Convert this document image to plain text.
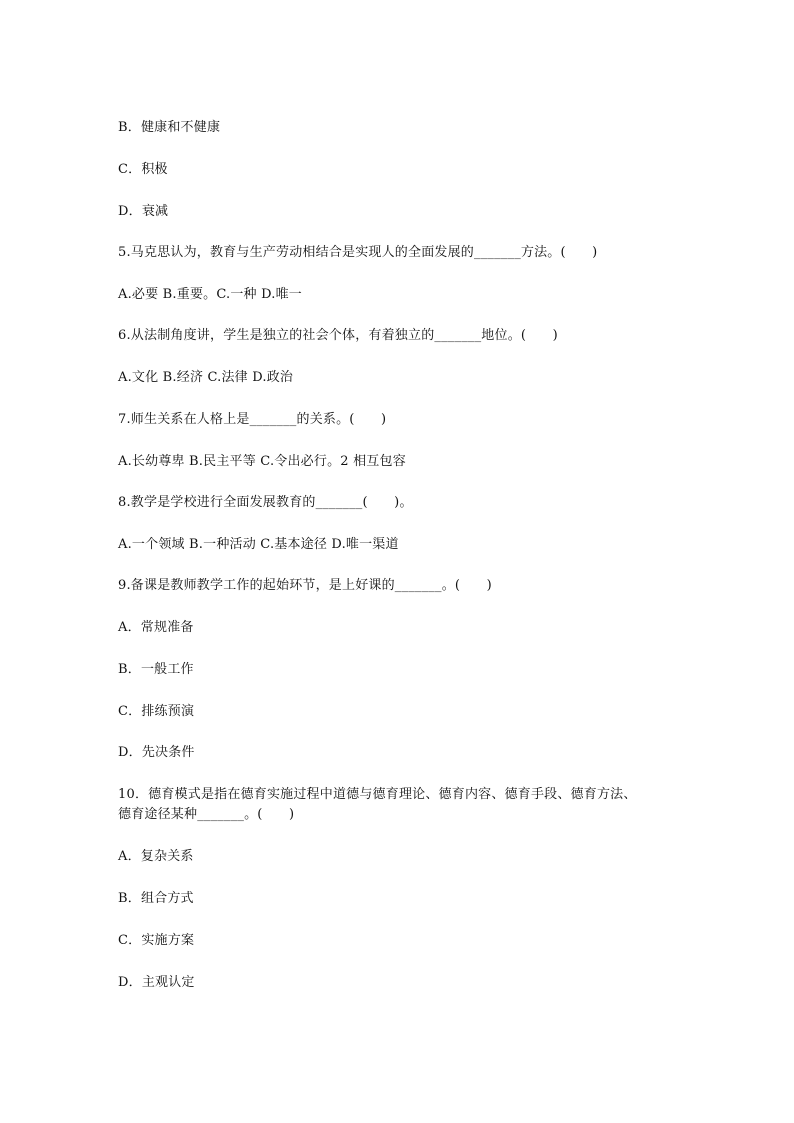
B．健康和不健康
C．积极
D．衰减
5.马克思认为，教育与生产劳动相结合是实现人的全面发展的_______方法。(　　)
A.必要 B.重要。C.一种 D.唯一
6.从法制角度讲，学生是独立的社会个体，有着独立的_______地位。(　　)
A.文化 B.经济 C.法律 D.政治
7.师生关系在人格上是_______的关系。(　　)
A.长幼尊卑 B.民主平等 C.令出必行。2 相互包容
8.教学是学校进行全面发展教育的_______(　　)。
A.一个领域 B.一种活动 C.基本途径 D.唯一渠道
9.备课是教师教学工作的起始环节，是上好课的_______。(　　)
A．常规准备
B．一般工作
C．排练预演
D．先决条件
10．德育模式是指在德育实施过程中道德与德育理论、德育内容、德育手段、德育方法、
德育途径某种_______。(　　)
A．复杂关系
B．组合方式
C．实施方案
D．主观认定
